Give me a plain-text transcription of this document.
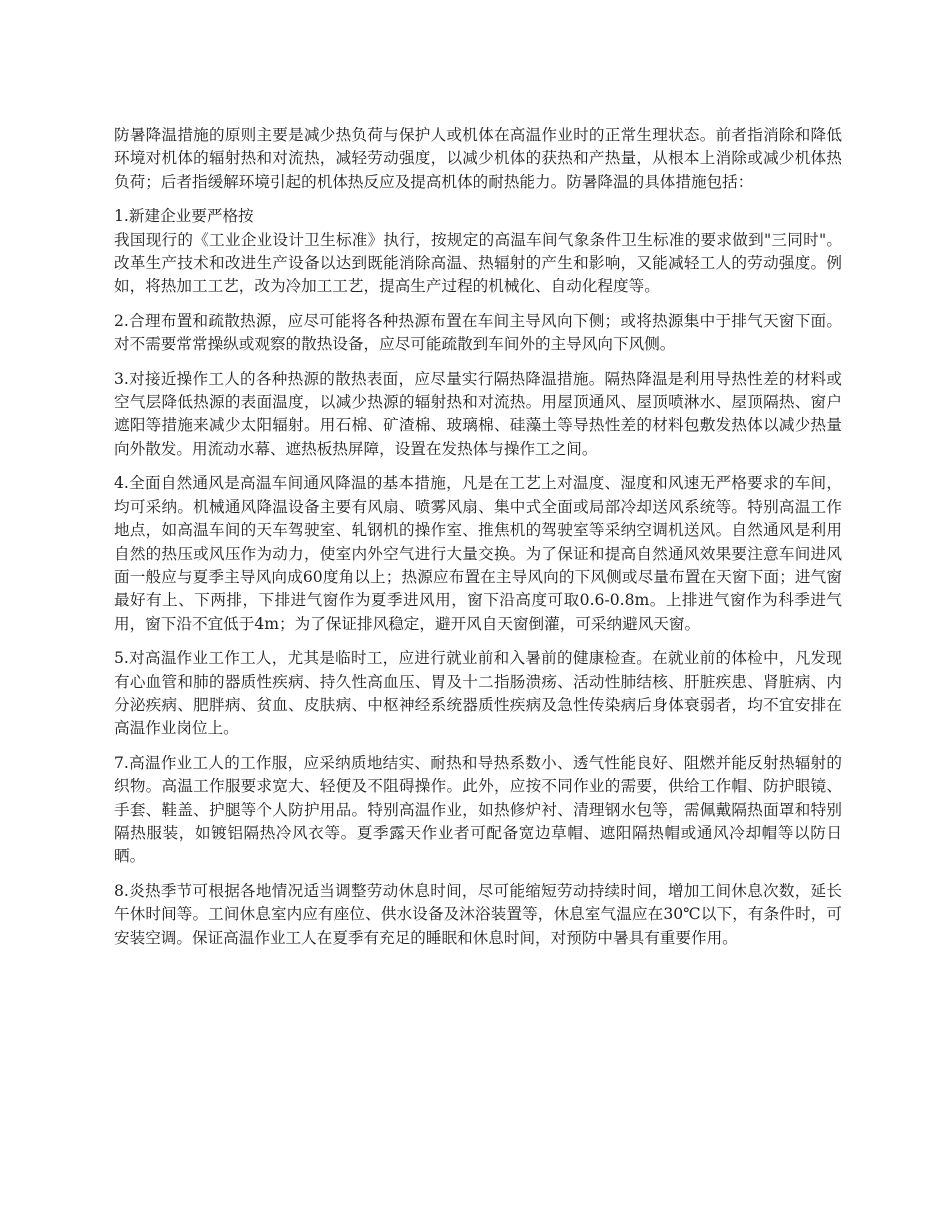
防暑降温措施的原则主要是减少热负荷与保护人或机体在高温作业时的正常生理状态。前者指消除和降低环境对机体的辐射热和对流热，减轻劳动强度，以减少机体的获热和产热量，从根本上消除或减少机体热负荷；后者指缓解环境引起的机体热反应及提高机体的耐热能力。防暑降温的具体措施包括：

1.新建企业要严格按
我国现行的《工业企业设计卫生标准》执行，按规定的高温车间气象条件卫生标准的要求做到"三同时"。改革生产技术和改进生产设备以达到既能消除高温、热辐射的产生和影响，又能减轻工人的劳动强度。例如，将热加工工艺，改为冷加工工艺，提高生产过程的机械化、自动化程度等。

2.合理布置和疏散热源，应尽可能将各种热源布置在车间主导风向下侧；或将热源集中于排气天窗下面。对不需要常常操纵或观察的散热设备，应尽可能疏散到车间外的主导风向下风侧。

3.对接近操作工人的各种热源的散热表面，应尽量实行隔热降温措施。隔热降温是利用导热性差的材料或空气层降低热源的表面温度，以减少热源的辐射热和对流热。用屋顶通风、屋顶喷淋水、屋顶隔热、窗户遮阳等措施来减少太阳辐射。用石棉、矿渣棉、玻璃棉、硅藻土等导热性差的材料包敷发热体以减少热量向外散发。用流动水幕、遮热板热屏障，设置在发热体与操作工之间。

4.全面自然通风是高温车间通风降温的基本措施，凡是在工艺上对温度、湿度和风速无严格要求的车间，均可采纳。机械通风降温设备主要有风扇、喷雾风扇、集中式全面或局部冷却送风系统等。特别高温工作地点，如高温车间的天车驾驶室、轧钢机的操作室、推焦机的驾驶室等采纳空调机送风。自然通风是利用自然的热压或风压作为动力，使室内外空气进行大量交换。为了保证和提高自然通风效果要注意车间进风面一般应与夏季主导风向成60度角以上；热源应布置在主导风向的下风侧或尽量布置在天窗下面；进气窗最好有上、下两排，下排进气窗作为夏季进风用，窗下沿高度可取0.6-0.8m。上排进气窗作为科季进气用，窗下沿不宜低于4m；为了保证排风稳定，避开风自天窗倒灌，可采纳避风天窗。

5.对高温作业工作工人，尤其是临时工，应进行就业前和入暑前的健康检查。在就业前的体检中，凡发现有心血管和肺的器质性疾病、持久性高血压、胃及十二指肠溃疡、活动性肺结核、肝脏疾患、肾脏病、内分泌疾病、肥胖病、贫血、皮肤病、中枢神经系统器质性疾病及急性传染病后身体衰弱者，均不宜安排在高温作业岗位上。

7.高温作业工人的工作服，应采纳质地结实、耐热和导热系数小、透气性能良好、阻燃并能反射热辐射的织物。高温工作服要求宽大、轻便及不阻碍操作。此外，应按不同作业的需要，供给工作帽、防护眼镜、手套、鞋盖、护腿等个人防护用品。特别高温作业，如热修炉衬、清理钢水包等，需佩戴隔热面罩和特别隔热服装，如镀铝隔热冷风衣等。夏季露天作业者可配备宽边草帽、遮阳隔热帽或通风冷却帽等以防日晒。

8.炎热季节可根据各地情况适当调整劳动休息时间，尽可能缩短劳动持续时间，增加工间休息次数，延长午休时间等。工间休息室内应有座位、供水设备及沐浴装置等，休息室气温应在30℃以下，有条件时，可安装空调。保证高温作业工人在夏季有充足的睡眠和休息时间，对预防中暑具有重要作用。
